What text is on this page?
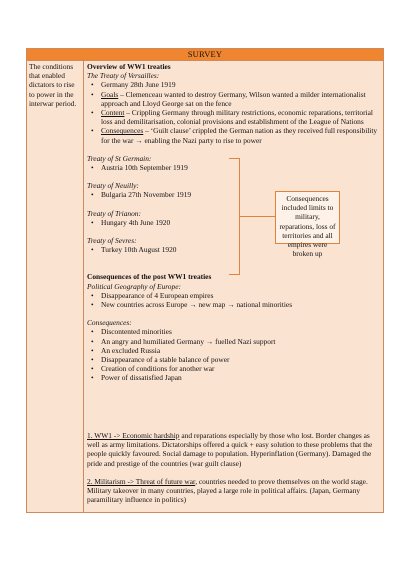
SURVEY
The conditions that enabled dictators to rise to power in the interwar period.
Overview of WW1 treaties
The Treaty of Versailles:
• Germany 28th June 1919
• Goals – Clemenceau wanted to destroy Germany, Wilson wanted a milder internationalist approach and Lloyd George sat on the fence
• Content – Crippling Germany through military restrictions, economic reparations, territorial loss and demilitarisation, colonial provisions and establishment of the League of Nations
• Consequences – ‘Guilt clause’ crippled the German nation as they received full responsibility for the war → enabling the Nazi party to rise to power
Treaty of St Germain:
• Austria 10th September 1919
Treaty of Neuilly:
• Bulgaria 27th November 1919
Treaty of Trianon:
• Hungary 4th June 1920
Treaty of Sevres:
• Turkey 10th August 1920
Consequences of the post WW1 treaties
Political Geography of Europe:
• Disappearance of 4 European empires
• New countries across Europe → new map → national minorities
Consequences:
• Discontented minorities
• An angry and humiliated Germany → fuelled Nazi support
• An excluded Russia
• Disappearance of a stable balance of power
• Creation of conditions for another war
• Power of dissatisfied Japan
1. WW1 -> Economic hardship and reparations especially by those who lost. Border changes as well as army limitations. Dictatorships offered a quick + easy solution to these problems that the people quickly favoured. Social damage to population. Hyperinflation (Germany). Damaged the pride and prestige of the countries (war guilt clause)
2. Militarism -> Threat of future war, countries needed to prove themselves on the world stage. Military takeover in many countries, played a large role in political affairs. (Japan, Germany paramilitary influence in politics)
Consequences included limits to military, reparations, loss of territories and all empires were broken up
